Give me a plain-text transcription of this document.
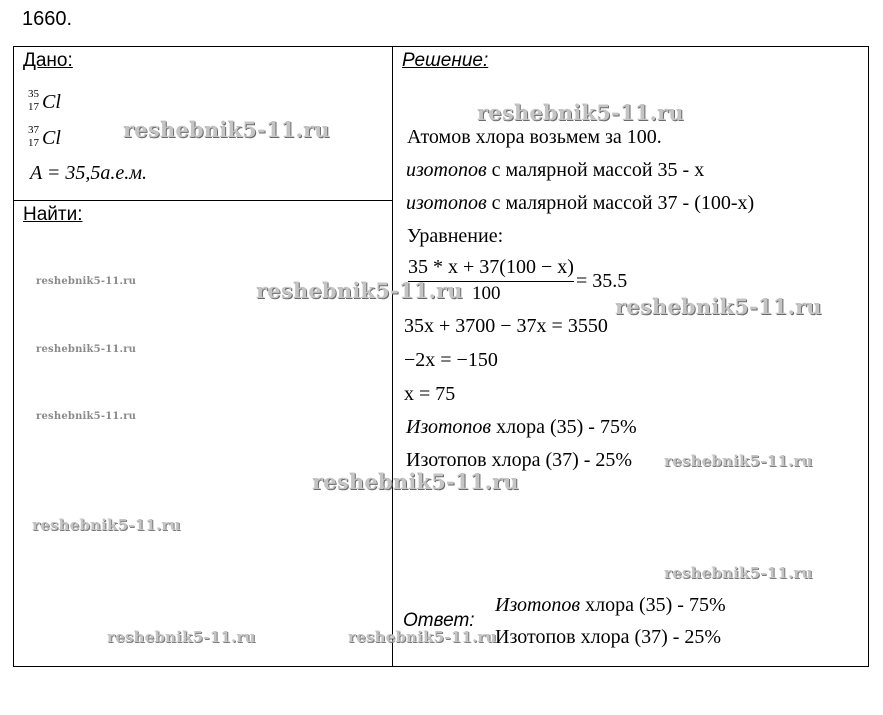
1660.
Дано:
35
17 Cl
37
17 Cl
A = 35,5а.е.м.
Найти:
Решение:
Атомов хлора возьмем за 100.
изотопов с малярной массой 35 - x
изотопов с малярной массой 37 - (100-x)
Уравнение:
35 * x + 37(100 − x)
100
= 35.5
35x + 3700 − 37x = 3550
−2x = −150
x = 75
Изотопов хлора (35) - 75%
Изотопов хлора (37) - 25%
Ответ:
Изотопов хлора (35) - 75%
Изотопов хлора (37) - 25%
reshebnik5-11.ru
reshebnik5-11.ru
reshebnik5-11.ru
reshebnik5-11.ru
reshebnik5-11.ru
reshebnik5-11.ru
reshebnik5-11.ru
reshebnik5-11.ru
reshebnik5-11.ru
reshebnik5-11.ru
reshebnik5-11.ru
reshebnik5-11.ru	reshebnik5-11.ru
